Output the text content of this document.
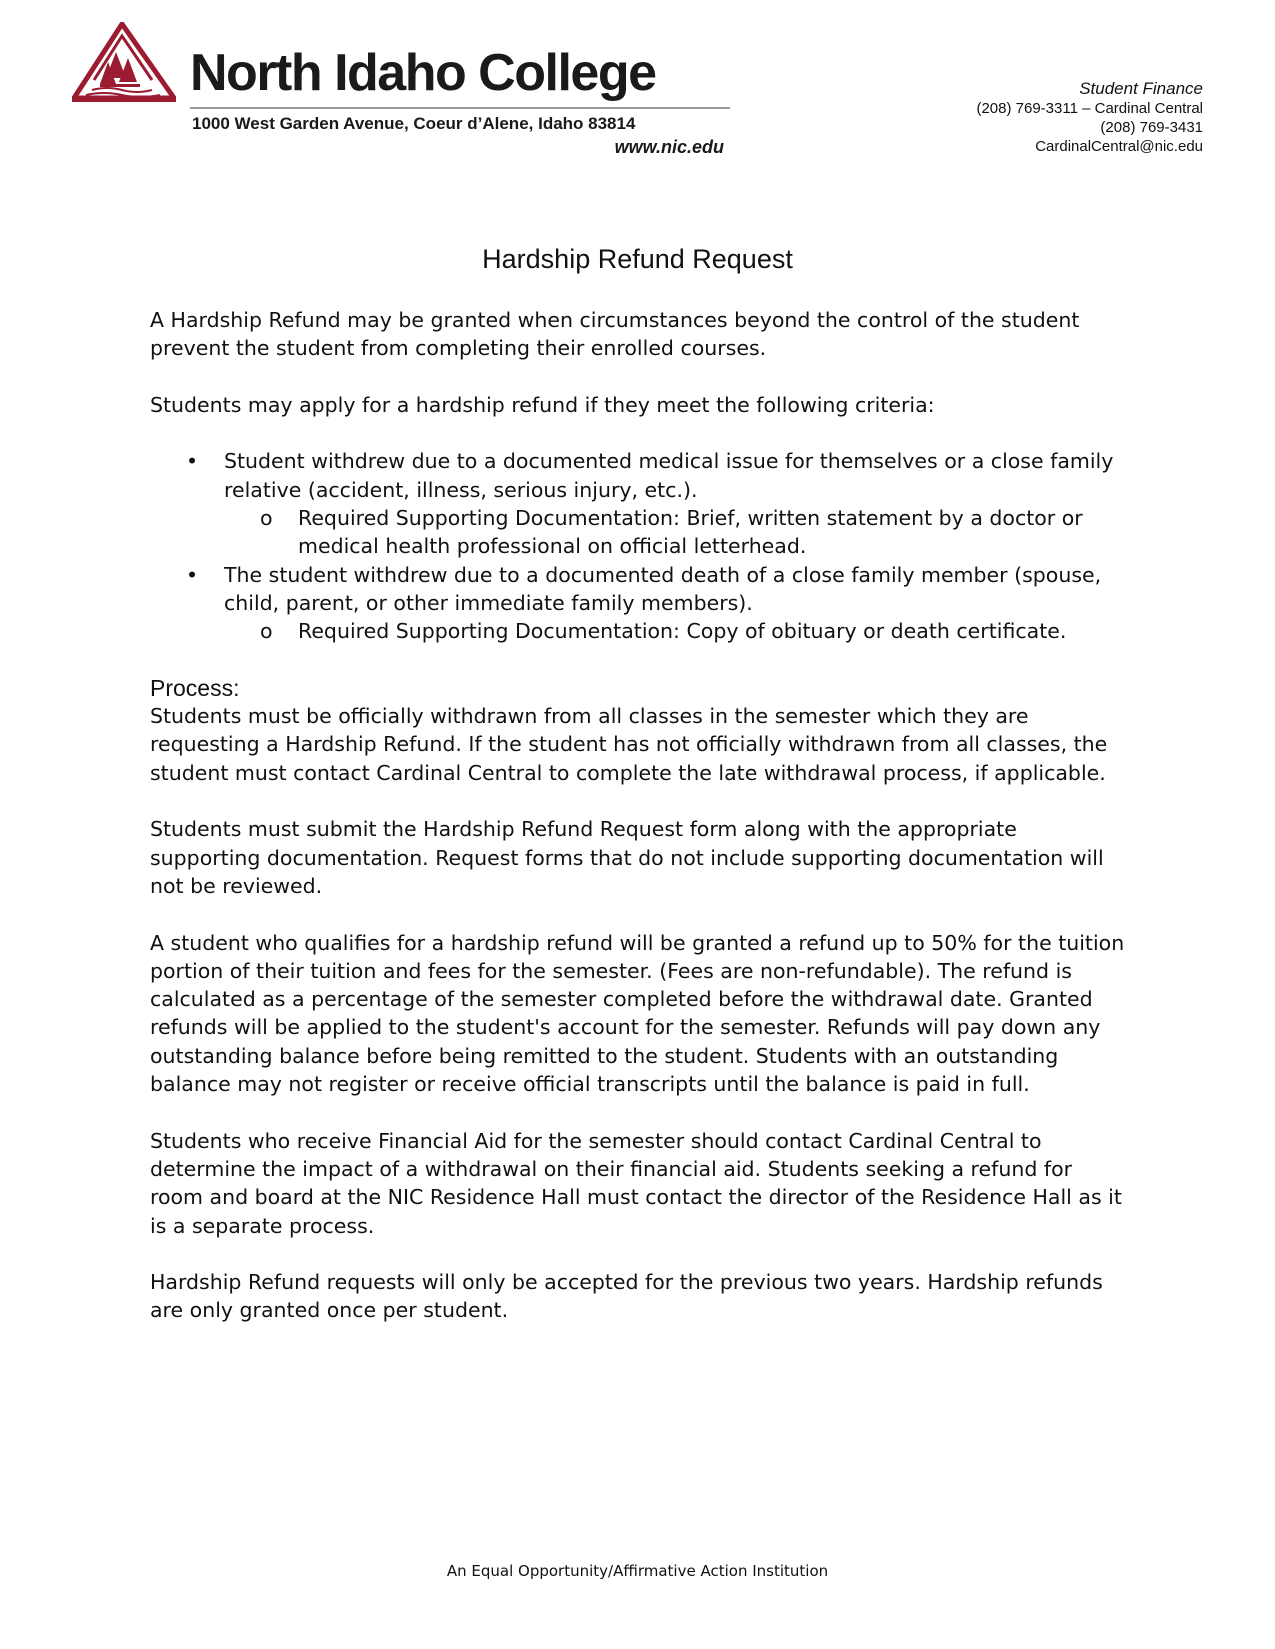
North Idaho College
1000 West Garden Avenue, Coeur d’Alene, Idaho 83814
www.nic.edu
Student Finance
(208) 769-3311 – Cardinal Central
(208) 769-3431
CardinalCentral@nic.edu
Hardship Refund Request

A Hardship Refund may be granted when circumstances beyond the control of the student prevent the student from completing their enrolled courses.

Students may apply for a hardship refund if they meet the following criteria:

• Student withdrew due to a documented medical issue for themselves or a close family relative (accident, illness, serious injury, etc.).
o Required Supporting Documentation: Brief, written statement by a doctor or medical health professional on official letterhead.
• The student withdrew due to a documented death of a close family member (spouse, child, parent, or other immediate family members).
o Required Supporting Documentation: Copy of obituary or death certificate.
Process:

Students must be officially withdrawn from all classes in the semester which they are requesting a Hardship Refund. If the student has not officially withdrawn from all classes, the student must contact Cardinal Central to complete the late withdrawal process, if applicable.

Students must submit the Hardship Refund Request form along with the appropriate supporting documentation. Request forms that do not include supporting documentation will not be reviewed.

A student who qualifies for a hardship refund will be granted a refund up to 50% for the tuition portion of their tuition and fees for the semester. (Fees are non-refundable). The refund is calculated as a percentage of the semester completed before the withdrawal date. Granted refunds will be applied to the student's account for the semester. Refunds will pay down any outstanding balance before being remitted to the student. Students with an outstanding balance may not register or receive official transcripts until the balance is paid in full.

Students who receive Financial Aid for the semester should contact Cardinal Central to determine the impact of a withdrawal on their financial aid. Students seeking a refund for room and board at the NIC Residence Hall must contact the director of the Residence Hall as it is a separate process.

Hardship Refund requests will only be accepted for the previous two years. Hardship refunds are only granted once per student.

An Equal Opportunity/Affirmative Action Institution
